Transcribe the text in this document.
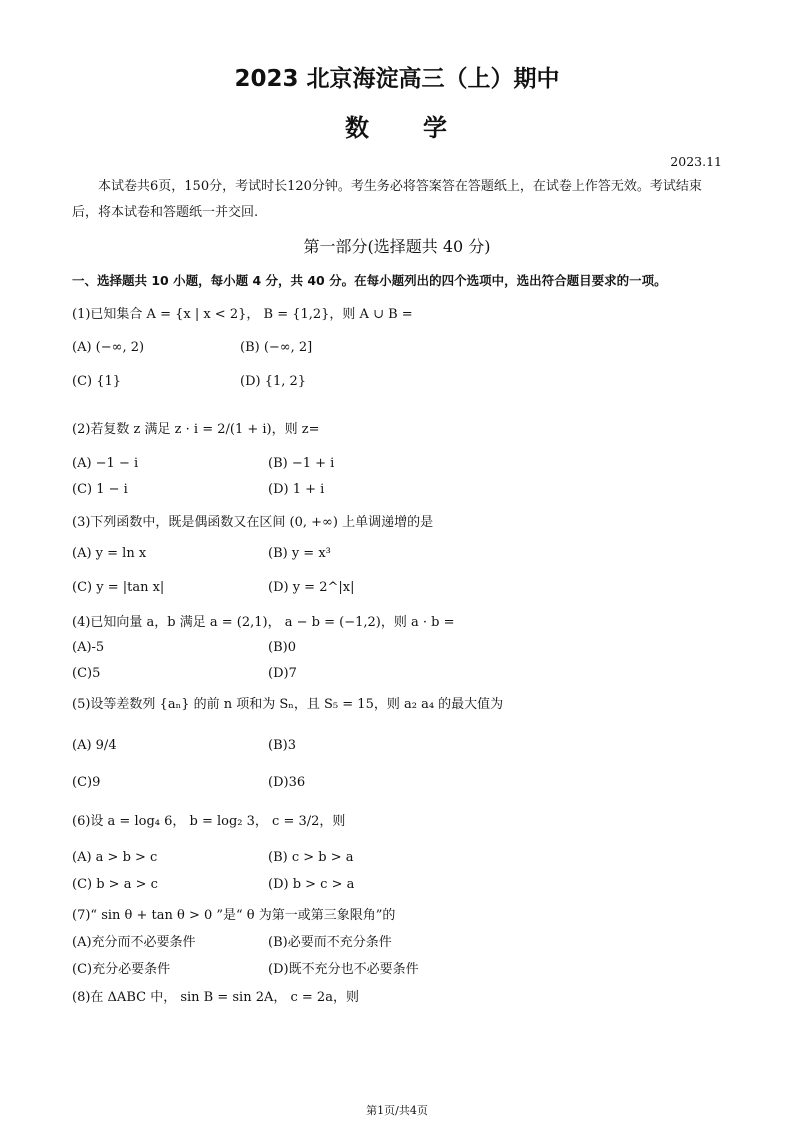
2023 北京海淀高三（上）期中
数　　学
2023.11
本试卷共6页，150分，考试时长120分钟。考生务必将答案答在答题纸上，在试卷上作答无效。考试结束后，将本试卷和答题纸一并交回.
第一部分(选择题共 40 分)
一、选择题共 10 小题，每小题 4 分，共 40 分。在每小题列出的四个选项中，选出符合题目要求的一项。
(1)已知集合 A = {x | x < 2}， B = {1,2}，则 A ∪ B =
(A) (−∞, 2)	(B) (−∞, 2]
(C) {1}	(D) {1, 2}
(2)若复数 z 满足 z · i = 2/(1 + i)，则 z=
(A) −1 − i	(B) −1 + i
(C) 1 − i	(D) 1 + i
(3)下列函数中，既是偶函数又在区间 (0, +∞) 上单调递增的是
(A) y = ln x	(B) y = x³
(C) y = |tan x|	(D) y = 2^|x|
(4)已知向量 a，b 满足 a = (2,1)， a − b = (−1,2)，则 a · b =
(A)-5	(B)0
(C)5	(D)7
(5)设等差数列 {aₙ} 的前 n 项和为 Sₙ，且 S₅ = 15，则 a₂ a₄ 的最大值为
(A) 9/4	(B)3
(C)9	(D)36
(6)设 a = log₄ 6， b = log₂ 3， c = 3/2，则
(A) a > b > c	(B) c > b > a
(C) b > a > c	(D) b > c > a
(7)“ sin θ + tan θ > 0 ”是“ θ 为第一或第三象限角”的
(A)充分而不必要条件	(B)必要而不充分条件
(C)充分必要条件	(D)既不充分也不必要条件
(8)在 ΔABC 中， sin B = sin 2A， c = 2a，则
第1页/共4页
